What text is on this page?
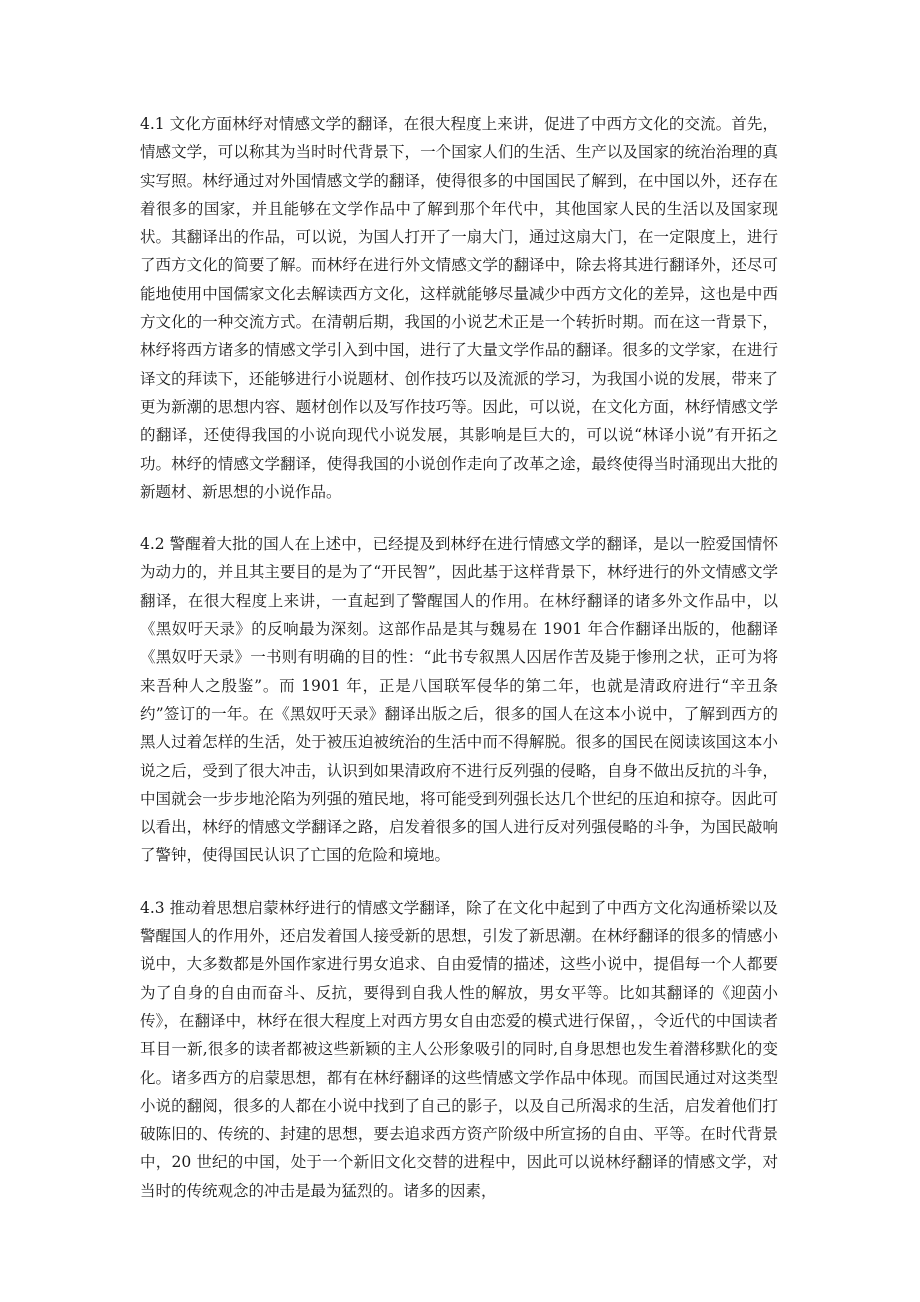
4.1 文化方面林纾对情感文学的翻译，在很大程度上来讲，促进了中西方文化的交流。首先，情感文学，可以称其为当时时代背景下，一个国家人们的生活、生产以及国家的统治治理的真实写照。林纾通过对外国情感文学的翻译，使得很多的中国国民了解到，在中国以外，还存在着很多的国家，并且能够在文学作品中了解到那个年代中，其他国家人民的生活以及国家现状。其翻译出的作品，可以说，为国人打开了一扇大门，通过这扇大门，在一定限度上，进行了西方文化的简要了解。而林纾在进行外文情感文学的翻译中，除去将其进行翻译外，还尽可能地使用中国儒家文化去解读西方文化，这样就能够尽量减少中西方文化的差异，这也是中西方文化的一种交流方式。在清朝后期，我国的小说艺术正是一个转折时期。而在这一背景下，林纾将西方诸多的情感文学引入到中国，进行了大量文学作品的翻译。很多的文学家，在进行译文的拜读下，还能够进行小说题材、创作技巧以及流派的学习，为我国小说的发展，带来了更为新潮的思想内容、题材创作以及写作技巧等。因此，可以说，在文化方面，林纾情感文学的翻译，还使得我国的小说向现代小说发展，其影响是巨大的，可以说“林译小说”有开拓之功。林纾的情感文学翻译，使得我国的小说创作走向了改革之途，最终使得当时涌现出大批的新题材、新思想的小说作品。

4.2 警醒着大批的国人在上述中，已经提及到林纾在进行情感文学的翻译，是以一腔爱国情怀为动力的，并且其主要目的是为了“开民智”，因此基于这样背景下，林纾进行的外文情感文学翻译，在很大程度上来讲，一直起到了警醒国人的作用。在林纾翻译的诸多外文作品中，以《黑奴吁天录》的反响最为深刻。这部作品是其与魏易在 1901 年合作翻译出版的，他翻译《黑奴吁天录》一书则有明确的目的性：“此书专叙黑人囚居作苦及毙于惨刑之状，正可为将来吾种人之殷鉴”。而 1901 年，正是八国联军侵华的第二年，也就是清政府进行“辛丑条约”签订的一年。在《黑奴吁天录》翻译出版之后，很多的国人在这本小说中，了解到西方的黑人过着怎样的生活，处于被压迫被统治的生活中而不得解脱。很多的国民在阅读该国这本小说之后，受到了很大冲击，认识到如果清政府不进行反列强的侵略，自身不做出反抗的斗争，中国就会一步步地沦陷为列强的殖民地，将可能受到列强长达几个世纪的压迫和掠夺。因此可以看出，林纾的情感文学翻译之路，启发着很多的国人进行反对列强侵略的斗争，为国民敲响了警钟，使得国民认识了亡国的危险和境地。

4.3 推动着思想启蒙林纾进行的情感文学翻译，除了在文化中起到了中西方文化沟通桥梁以及警醒国人的作用外，还启发着国人接受新的思想，引发了新思潮。在林纾翻译的很多的情感小说中，大多数都是外国作家进行男女追求、自由爱情的描述，这些小说中，提倡每一个人都要为了自身的自由而奋斗、反抗，要得到自我人性的解放，男女平等。比如其翻译的《迎茵小传》，在翻译中，林纾在很大程度上对西方男女自由恋爱的模式进行保留，，令近代的中国读者耳目一新,很多的读者都被这些新颖的主人公形象吸引的同时,自身思想也发生着潜移默化的变化。诸多西方的启蒙思想，都有在林纾翻译的这些情感文学作品中体现。而国民通过对这类型小说的翻阅，很多的人都在小说中找到了自己的影子，以及自己所渴求的生活，启发着他们打破陈旧的、传统的、封建的思想，要去追求西方资产阶级中所宣扬的自由、平等。在时代背景中，20 世纪的中国，处于一个新旧文化交替的进程中，因此可以说林纾翻译的情感文学，对当时的传统观念的冲击是最为猛烈的。诸多的因素，
